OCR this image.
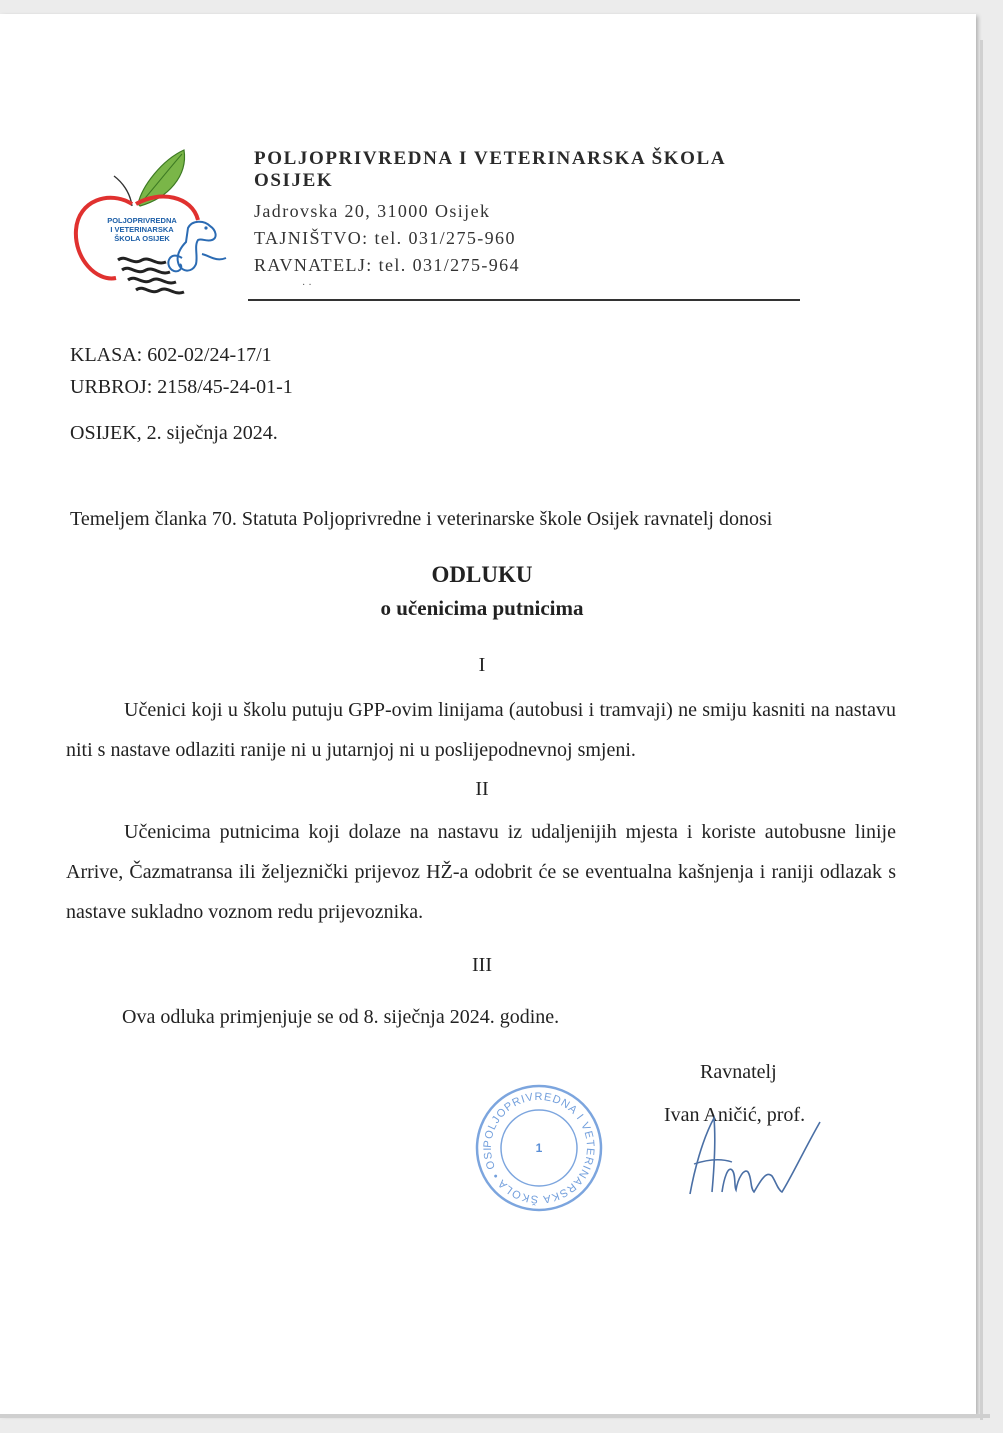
POLJOPRIVREDNA
I VETERINARSKA
ŠKOLA OSIJEK
POLJOPRIVREDNA I VETERINARSKA ŠKOLA
OSIJEK
Jadrovska 20, 31000 Osijek
TAJNIŠTVO: tel. 031/275-960
RAVNATELJ: tel. 031/275-964
··
KLASA: 602-02/24-17/1
URBROJ: 2158/45-24-01-1
OSIJEK, 2. siječnja 2024.
Temeljem članka 70. Statuta Poljoprivredne i veterinarske škole Osijek ravnatelj donosi
ODLUKU
o učenicima putnicima
I
Učenici koji u školu putuju GPP-ovim linijama (autobusi i tramvaji) ne smiju kasniti na nastavu niti s nastave odlaziti ranije ni u jutarnjoj ni u poslijepodnevnoj smjeni.
II
Učenicima putnicima koji dolaze na nastavu iz udaljenijih mjesta i koriste autobusne linije Arrive, Čazmatransa ili željeznički prijevoz HŽ-a odobrit će se eventualna kašnjenja i raniji odlazak s nastave sukladno voznom redu prijevoznika.
III
Ova odluka primjenjuje se od 8. siječnja 2024. godine.
Ravnatelj
Ivan Aničić, prof.
POLJOPRIVREDNA I VETERINARSKA ŠKOLA • OSI	1
